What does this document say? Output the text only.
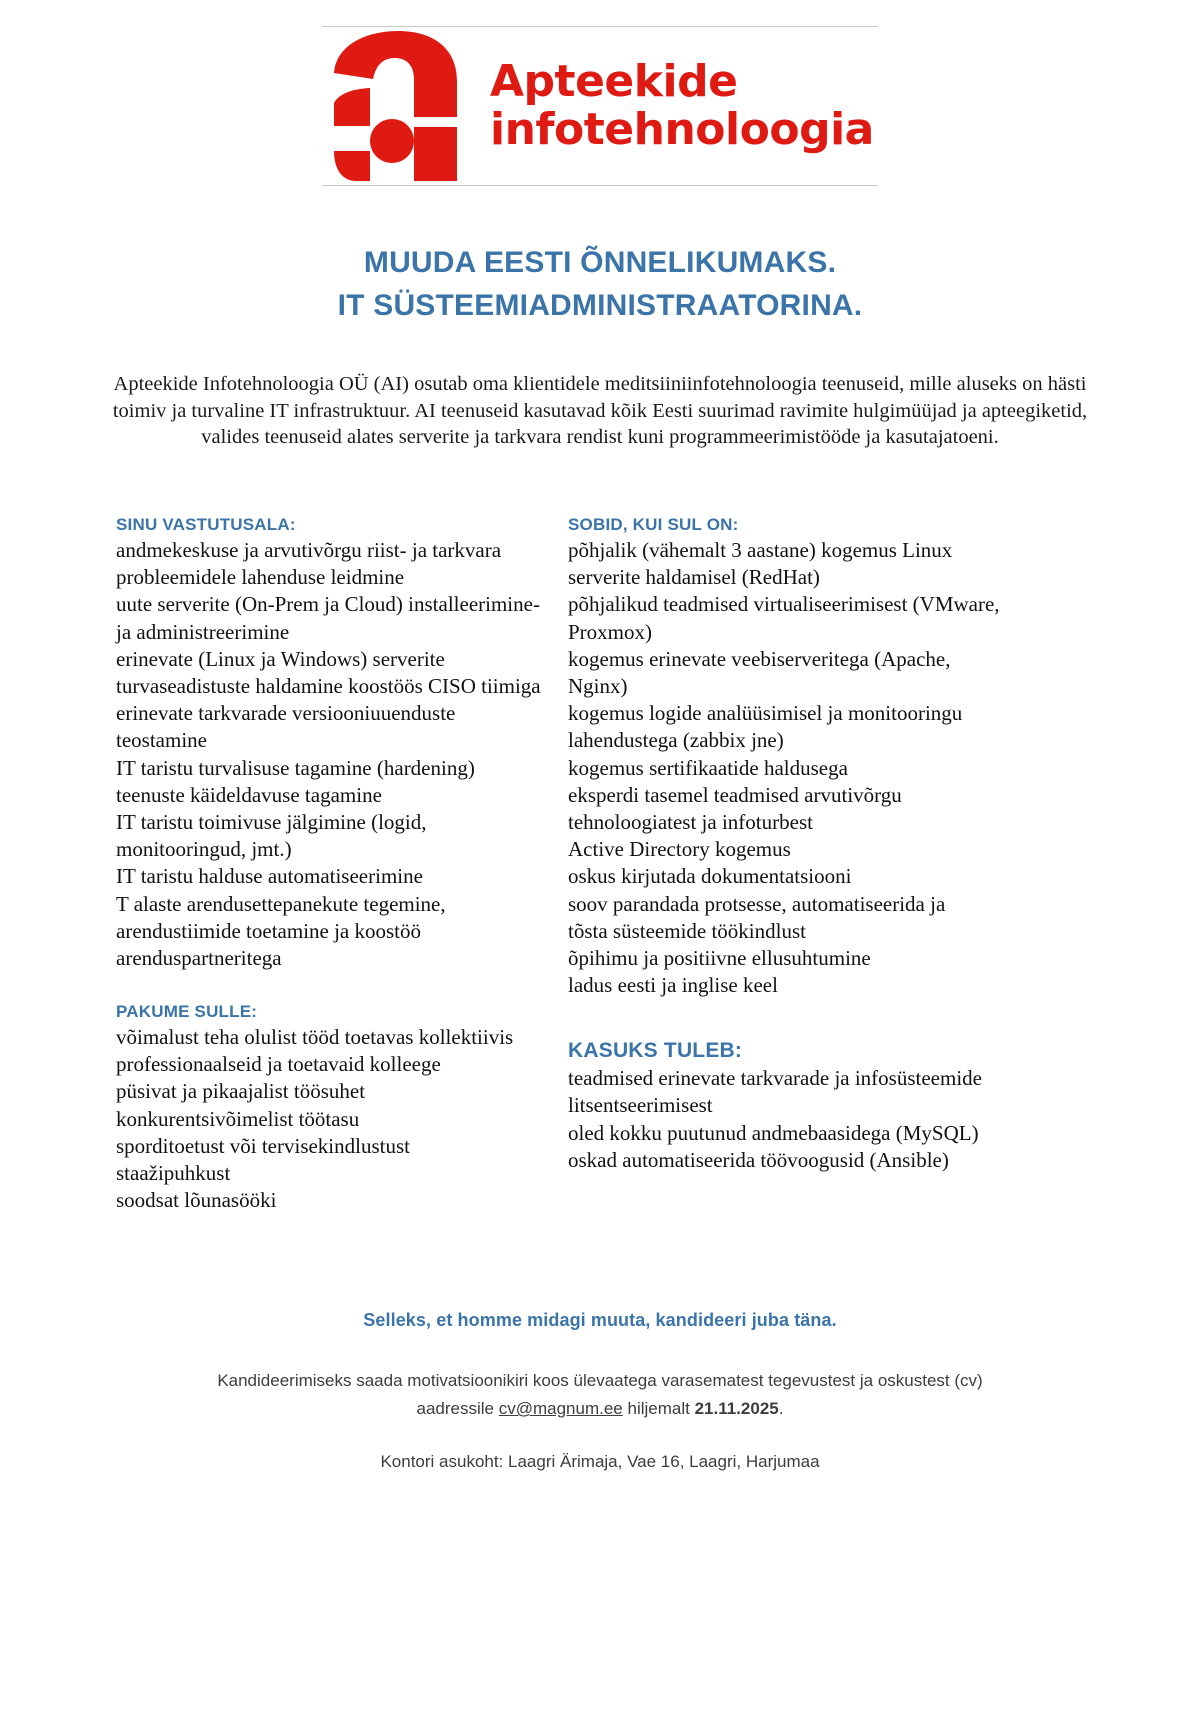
Apteekide
infotehnoloogia
MUUDA EESTI ÕNNELIKUMAKS.
IT SÜSTEEMIADMINISTRAATORINA.
Apteekide Infotehnoloogia OÜ (AI) osutab oma klientidele meditsiiniinfotehnoloogia teenuseid, mille aluseks on hästi toimiv ja turvaline IT infrastruktuur. AI teenuseid kasutavad kõik Eesti suurimad ravimite hulgimüüjad ja apteegiketid, valides teenuseid alates serverite ja tarkvara rendist kuni programmeerimistööde ja kasutajatoeni.
SINU VASTUTUSALA:
andmekeskuse ja arvutivõrgu riist- ja tarkvara
probleemidele lahenduse leidmine
uute serverite (On-Prem ja Cloud) installeerimine-
ja administreerimine
erinevate (Linux ja Windows) serverite
turvaseadistuste haldamine koostöös CISO tiimiga
erinevate tarkvarade versiooniuuenduste
teostamine
IT taristu turvalisuse tagamine (hardening)
teenuste käideldavuse tagamine
IT taristu toimivuse jälgimine (logid,
monitooringud, jmt.)
IT taristu halduse automatiseerimine
T alaste arendusettepanekute tegemine,
arendustiimide toetamine ja koostöö
arenduspartneritega
PAKUME SULLE:
võimalust teha olulist tööd toetavas kollektiivis
professionaalseid ja toetavaid kolleege
püsivat ja pikaajalist töösuhet
konkurentsivõimelist töötasu
sporditoetust või tervisekindlustust
staažipuhkust
soodsat lõunasööki
SOBID, KUI SUL ON:
põhjalik (vähemalt 3 aastane) kogemus Linux
serverite haldamisel (RedHat)
põhjalikud teadmised virtualiseerimisest (VMware,
Proxmox)
kogemus erinevate veebiserveritega (Apache,
Nginx)
kogemus logide analüüsimisel ja monitooringu
lahendustega (zabbix jne)
kogemus sertifikaatide haldusega
eksperdi tasemel teadmised arvutivõrgu
tehnoloogiatest ja infoturbest
Active Directory kogemus
oskus kirjutada dokumentatsiooni
soov parandada protsesse, automatiseerida ja
tõsta süsteemide töökindlust
õpihimu ja positiivne ellusuhtumine
ladus eesti ja inglise keel
KASUKS TULEB:
teadmised erinevate tarkvarade ja infosüsteemide
litsentseerimisest
oled kokku puutunud andmebaasidega (MySQL)
oskad automatiseerida töövoogusid (Ansible)
Selleks, et homme midagi muuta, kandideeri juba täna.
Kandideerimiseks saada motivatsioonikiri koos ülevaatega varasematest tegevustest ja oskustest (cv)
aadressile cv@magnum.ee hiljemalt 21.11.2025.
Kontori asukoht: Laagri Ärimaja, Vae 16, Laagri, Harjumaa
